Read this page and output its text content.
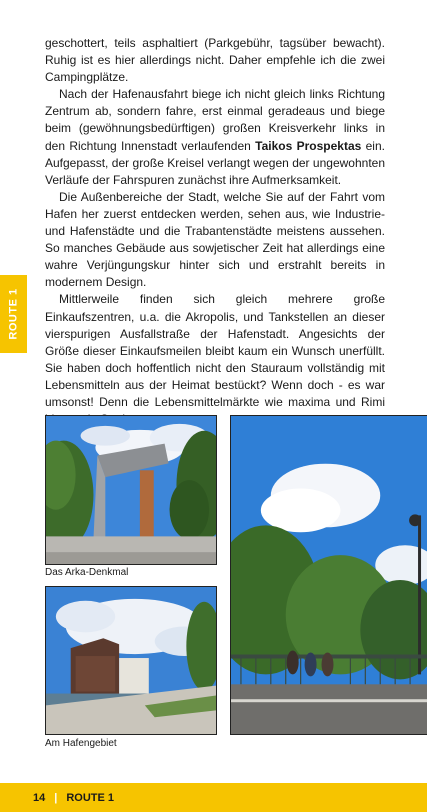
ROUTE 1

geschottert, teils asphaltiert (Parkgebühr, tagsüber bewacht). Ruhig ist es hier allerdings nicht. Daher empfehle ich die zwei Campingplätze.

Nach der Hafenausfahrt biege ich nicht gleich links Richtung Zentrum ab, sondern fahre, erst einmal geradeaus und biege beim (gewöhnungsbedürftigen) großen Kreisverkehr links in den Richtung Innenstadt verlaufenden Taikos Prospektas ein. Aufgepasst, der große Kreisel verlangt wegen der ungewohnten Verläufe der Fahrspuren zunächst ihre Aufmerksamkeit.

Die Außenbereiche der Stadt, welche Sie auf der Fahrt vom Hafen her zuerst entdecken werden, sehen aus, wie Industrie- und Hafenstädte und die Trabantenstädte meistens aussehen. So manches Gebäude aus sowjetischer Zeit hat allerdings eine wahre Verjüngungskur hinter sich und erstrahlt bereits in modernem Design.

Mittlerweile finden sich gleich mehrere große Einkaufszentren, u.a. die Akropolis, und Tankstellen an dieser vierspurigen Ausfallstraße der Hafenstadt. Angesichts der Größe dieser Einkaufsmeilen bleibt kaum ein Wunsch unerfüllt. Sie haben doch hoffentlich nicht den Stauraum vollständig mit Lebensmitteln aus der Heimat bestückt? Wenn doch - es war umsonst! Denn die Lebensmittelmärkte wie maxima und Rimi

Das Arka-Denkmal
Am Hafengebiet
14 | ROUTE 1
